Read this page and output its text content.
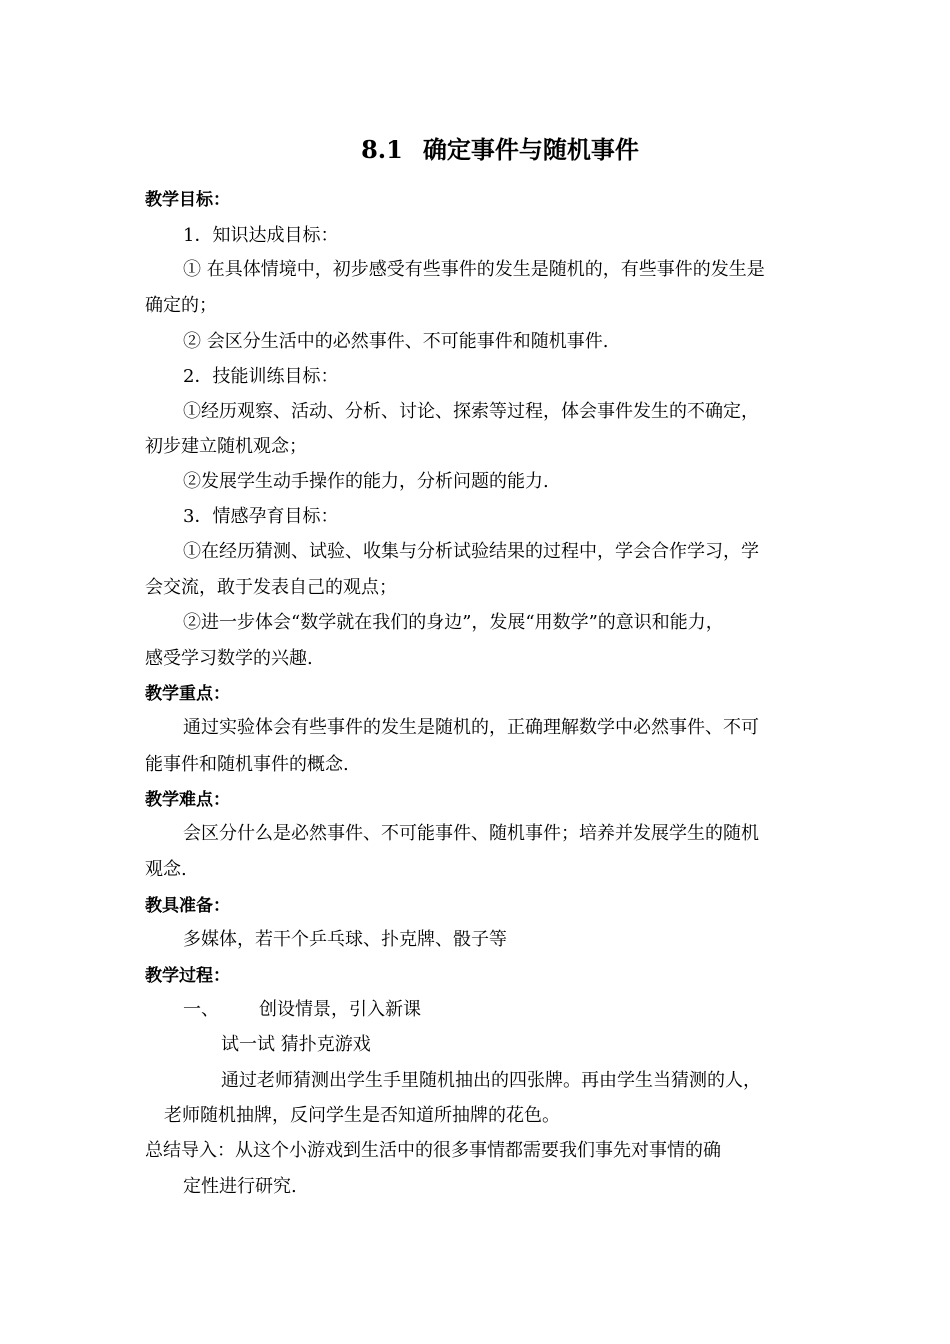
8.1 确定事件与随机事件
教学目标：
1．知识达成目标：
① 在具体情境中，初步感受有些事件的发生是随机的，有些事件的发生是
确定的；
② 会区分生活中的必然事件、不可能事件和随机事件.
2．技能训练目标：
①经历观察、活动、分析、讨论、探索等过程，体会事件发生的不确定，
初步建立随机观念；
②发展学生动手操作的能力，分析问题的能力.
3．情感孕育目标：
①在经历猜测、试验、收集与分析试验结果的过程中，学会合作学习，学
会交流，敢于发表自己的观点；
②进一步体会“数学就在我们的身边”，发展“用数学”的意识和能力，
感受学习数学的兴趣.
教学重点：
通过实验体会有些事件的发生是随机的，正确理解数学中必然事件、不可
能事件和随机事件的概念.
教学难点：
会区分什么是必然事件、不可能事件、随机事件；培养并发展学生的随机
观念.
教具准备：
多媒体，若干个乒乓球、扑克牌、骰子等
教学过程：
一、 创设情景，引入新课
试一试 猜扑克游戏
通过老师猜测出学生手里随机抽出的四张牌。再由学生当猜测的人，
老师随机抽牌，反问学生是否知道所抽牌的花色。
总结导入：从这个小游戏到生活中的很多事情都需要我们事先对事情的确
定性进行研究.
